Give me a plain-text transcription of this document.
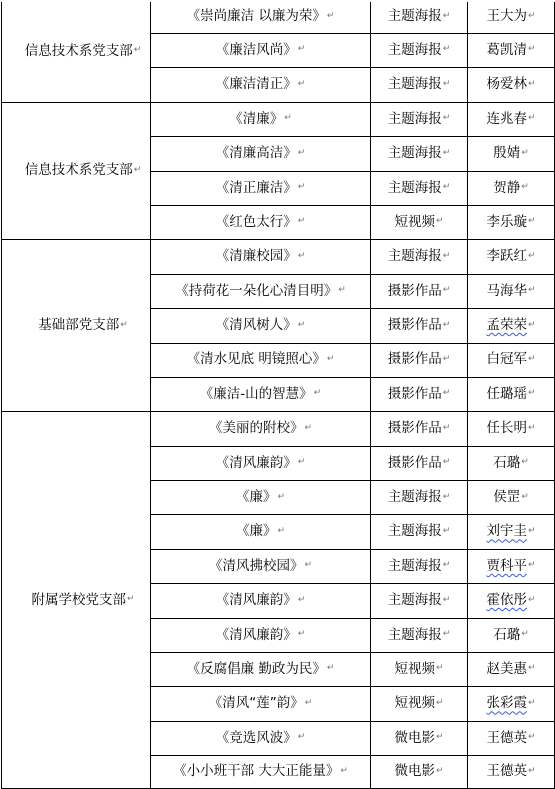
信息技术系党支部↵	《崇尚廉洁 以廉为荣》↵	主题海报↵	王大为↵
	《廉洁风尚》↵	主题海报↵	葛凯清↵
	《廉洁清正》↵	主题海报↵	杨爱林↵
信息技术系党支部↵	《清廉》↵	主题海报↵	连兆春↵
	《清廉高洁》↵	主题海报↵	殷婧↵
	《清正廉洁》↵	主题海报↵	贺静↵
	《红色太行》↵	短视频↵	李乐璇↵
基础部党支部↵	《清廉校园》↵	主题海报↵	李跃红↵
	《持荷花一朵化心清目明》↵	摄影作品↵	马海华↵
	《清风树人》↵	摄影作品↵	孟荣荣↵
	《清水见底 明镜照心》↵	摄影作品↵	白冠军↵
	《廉洁-山的智慧》↵	摄影作品↵	任璐瑶↵
附属学校党支部↵	《美丽的附校》↵	摄影作品↵	任长明↵
	《清风廉韵》↵	摄影作品↵	石璐↵
	《廉》↵	主题海报↵	侯罡↵
	《廉》↵	主题海报↵	刘宇圭↵
	《清风拂校园》↵	主题海报↵	贾科平↵
	《清风廉韵》↵	主题海报↵	霍依彤↵
	《清风廉韵》↵	主题海报↵	石璐↵
	《反腐倡廉 勤政为民》↵	短视频↵	赵美惠↵
	《清风“莲”韵》↵	短视频↵	张彩霞↵
	《竞选风波》↵	微电影↵	王德英↵
	《小小班干部 大大正能量》↵	微电影↵	王德英↵
